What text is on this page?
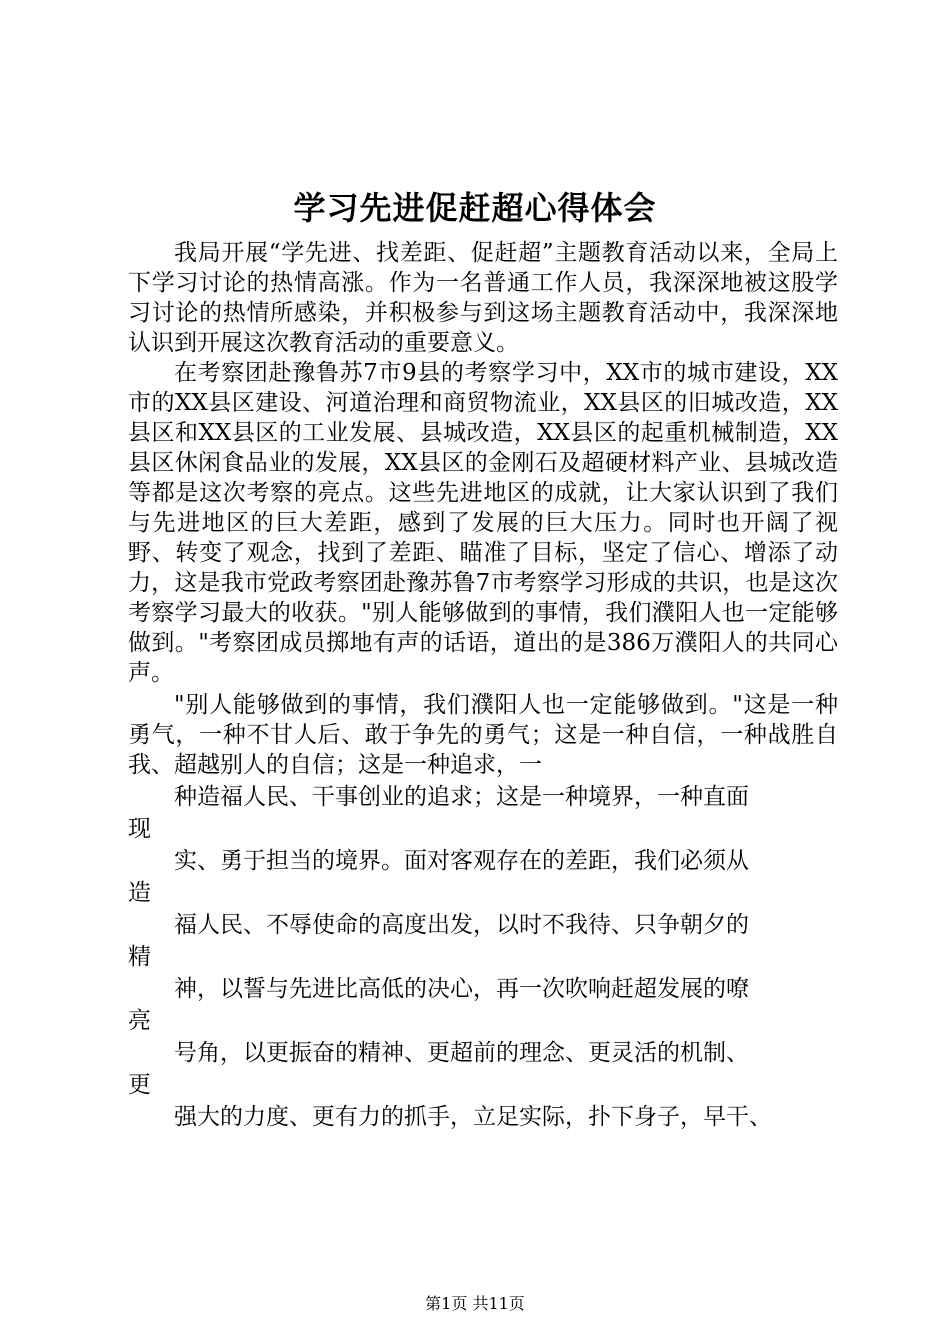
学习先进促赶超心得体会

我局开展“学先进、找差距、促赶超”主题教育活动以来，全局上下学习讨论的热情高涨。作为一名普通工作人员，我深深地被这股学习讨论的热情所感染，并积极参与到这场主题教育活动中，我深深地认识到开展这次教育活动的重要意义。

在考察团赴豫鲁苏7市9县的考察学习中，XX市的城市建设，XX市的XX县区建设、河道治理和商贸物流业，XX县区的旧城改造，XX县区和XX县区的工业发展、县城改造，XX县区的起重机械制造，XX县区休闲食品业的发展，XX县区的金刚石及超硬材料产业、县城改造等都是这次考察的亮点。这些先进地区的成就，让大家认识到了我们与先进地区的巨大差距，感到了发展的巨大压力。同时也开阔了视野、转变了观念，找到了差距、瞄准了目标，坚定了信心、增添了动力，这是我市党政考察团赴豫苏鲁7市考察学习形成的共识，也是这次考察学习最大的收获。"别人能够做到的事情，我们濮阳人也一定能够做到。"考察团成员掷地有声的话语，道出的是386万濮阳人的共同心声。

"别人能够做到的事情，我们濮阳人也一定能够做到。"这是一种勇气，一种不甘人后、敢于争先的勇气；这是一种自信，一种战胜自我、超越别人的自信；这是一种追求，一

种造福人民、干事创业的追求；这是一种境界，一种直面

现

实、勇于担当的境界。面对客观存在的差距，我们必须从

造

福人民、不辱使命的高度出发，以时不我待、只争朝夕的

精

神，以誓与先进比高低的决心，再一次吹响赶超发展的嘹

亮

号角，以更振奋的精神、更超前的理念、更灵活的机制、

更

强大的力度、更有力的抓手，立足实际，扑下身子，早干、

第1页 共11页
